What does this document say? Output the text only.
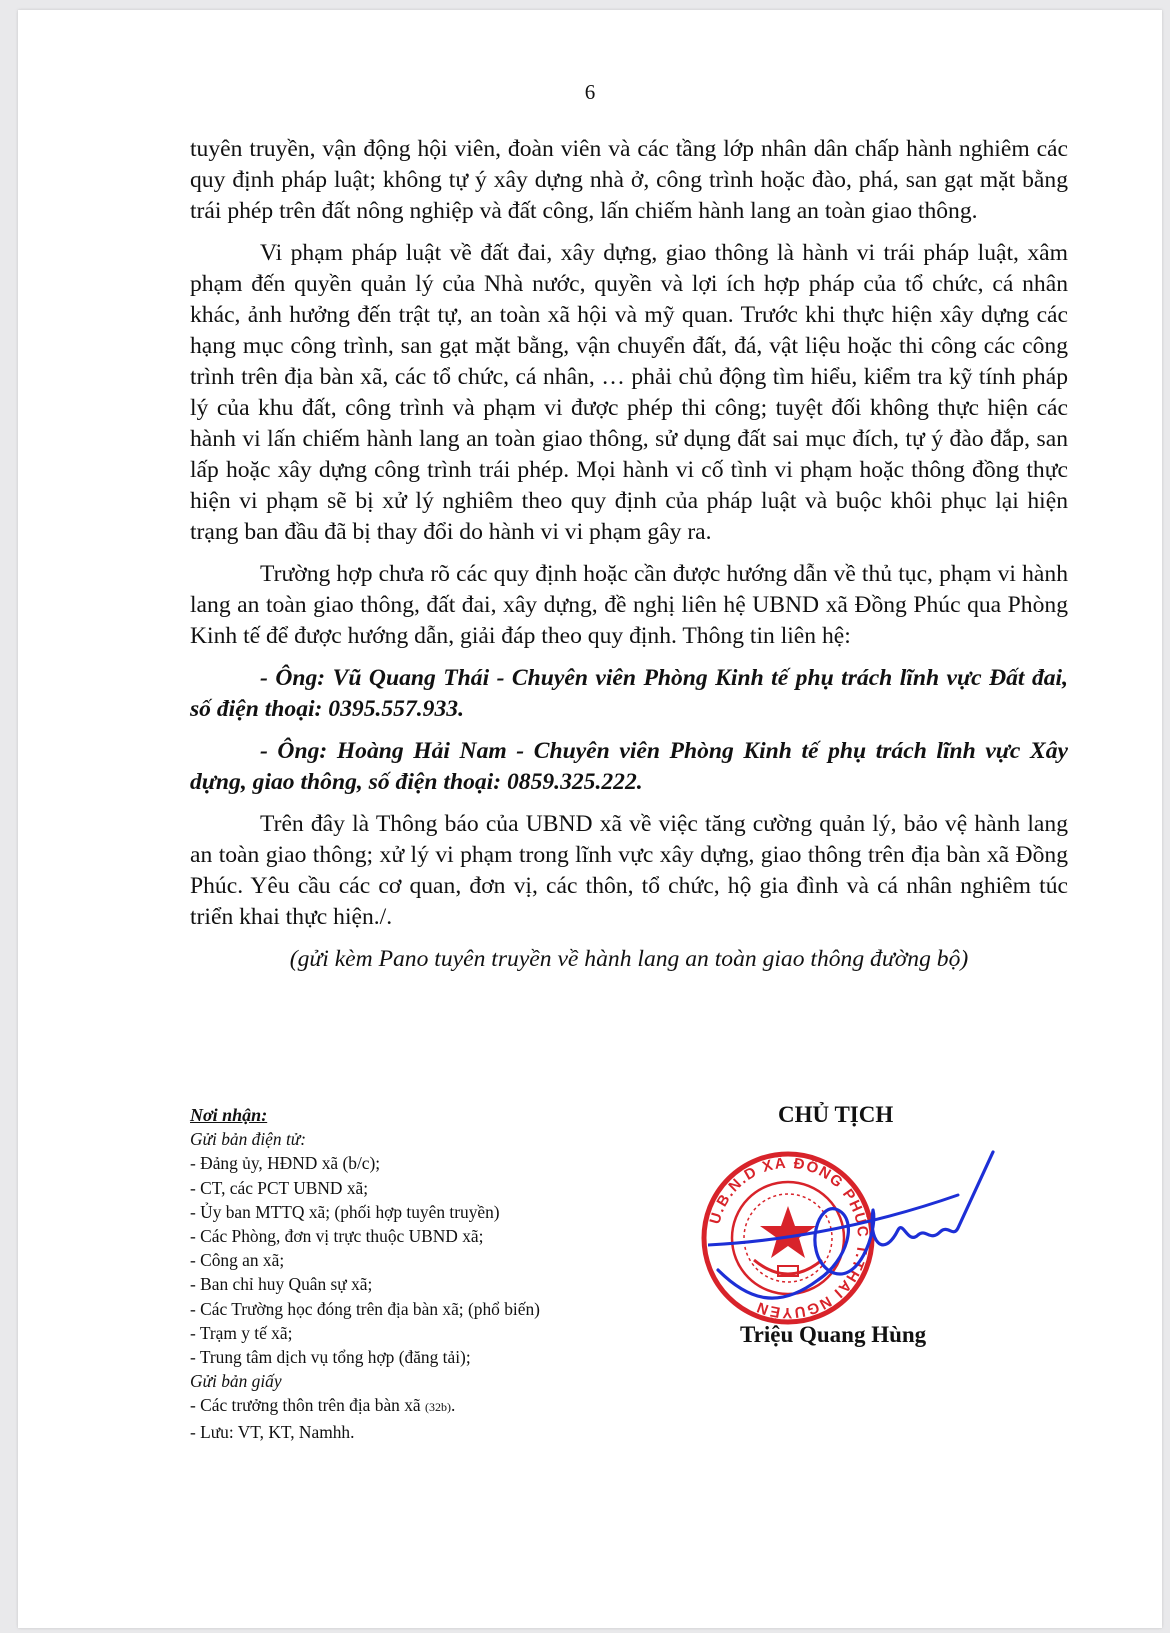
6

tuyên truyền, vận động hội viên, đoàn viên và các tầng lớp nhân dân chấp hành nghiêm các quy định pháp luật; không tự ý xây dựng nhà ở, công trình hoặc đào, phá, san gạt mặt bằng trái phép trên đất nông nghiệp và đất công, lấn chiếm hành lang an toàn giao thông.

Vi phạm pháp luật về đất đai, xây dựng, giao thông là hành vi trái pháp luật, xâm phạm đến quyền quản lý của Nhà nước, quyền và lợi ích hợp pháp của tổ chức, cá nhân khác, ảnh hưởng đến trật tự, an toàn xã hội và mỹ quan. Trước khi thực hiện xây dựng các hạng mục công trình, san gạt mặt bằng, vận chuyển đất, đá, vật liệu hoặc thi công các công trình trên địa bàn xã, các tổ chức, cá nhân, … phải chủ động tìm hiểu, kiểm tra kỹ tính pháp lý của khu đất, công trình và phạm vi được phép thi công; tuyệt đối không thực hiện các hành vi lấn chiếm hành lang an toàn giao thông, sử dụng đất sai mục đích, tự ý đào đắp, san lấp hoặc xây dựng công trình trái phép. Mọi hành vi cố tình vi phạm hoặc thông đồng thực hiện vi phạm sẽ bị xử lý nghiêm theo quy định của pháp luật và buộc khôi phục lại hiện trạng ban đầu đã bị thay đổi do hành vi vi phạm gây ra.

Trường hợp chưa rõ các quy định hoặc cần được hướng dẫn về thủ tục, phạm vi hành lang an toàn giao thông, đất đai, xây dựng, đề nghị liên hệ UBND xã Đồng Phúc qua Phòng Kinh tế để được hướng dẫn, giải đáp theo quy định. Thông tin liên hệ:

- Ông: Vũ Quang Thái - Chuyên viên Phòng Kinh tế phụ trách lĩnh vực Đất đai, số điện thoại: 0395.557.933.

- Ông: Hoàng Hải Nam - Chuyên viên Phòng Kinh tế phụ trách lĩnh vực Xây dựng, giao thông, số điện thoại: 0859.325.222.

Trên đây là Thông báo của UBND xã về việc tăng cường quản lý, bảo vệ hành lang an toàn giao thông; xử lý vi phạm trong lĩnh vực xây dựng, giao thông trên địa bàn xã Đồng Phúc. Yêu cầu các cơ quan, đơn vị, các thôn, tổ chức, hộ gia đình và cá nhân nghiêm túc triển khai thực hiện./.

(gửi kèm Pano tuyên truyền về hành lang an toàn giao thông đường bộ)

Nơi nhận:
Gửi bản điện tử:
- Đảng ủy, HĐND xã (b/c);
- CT, các PCT UBND xã;
- Ủy ban MTTQ xã; (phối hợp tuyên truyền)
- Các Phòng, đơn vị trực thuộc UBND xã;
- Công an xã;
- Ban chỉ huy Quân sự xã;
- Các Trường học đóng trên địa bàn xã; (phổ biến)
- Trạm y tế xã;
- Trung tâm dịch vụ tổng hợp (đăng tải);
Gửi bản giấy
- Các trưởng thôn trên địa bàn xã (32b).
- Lưu: VT, KT, Namhh.
CHỦ TỊCH
U.B.N.D XÃ ĐỒNG PHÚC T.THÁI NGUYÊN
Triệu Quang Hùng
